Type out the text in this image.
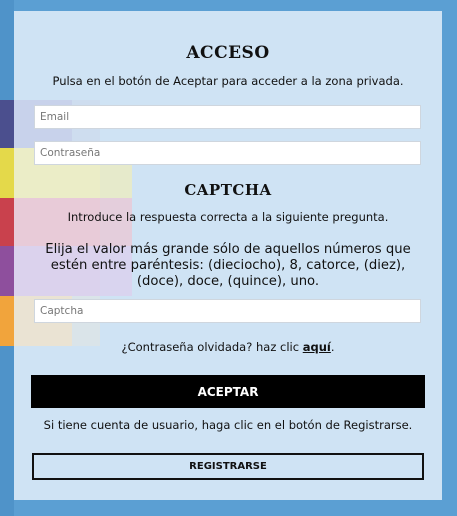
ACCESO
Pulsa en el botón de Aceptar para acceder a la zona privada.
Email
CAPTCHA
Introduce la respuesta correcta a la siguiente pregunta.
Elija el valor más grande sólo de aquellos números que estén entre paréntesis: (dieciocho), 8, catorce, (diez), (doce), doce, (quince), uno.
Captcha
¿Contraseña olvidada? haz clic aquí.
ACEPTAR
Si tiene cuenta de usuario, haga clic en el botón de Registrarse.
REGISTRARSE
